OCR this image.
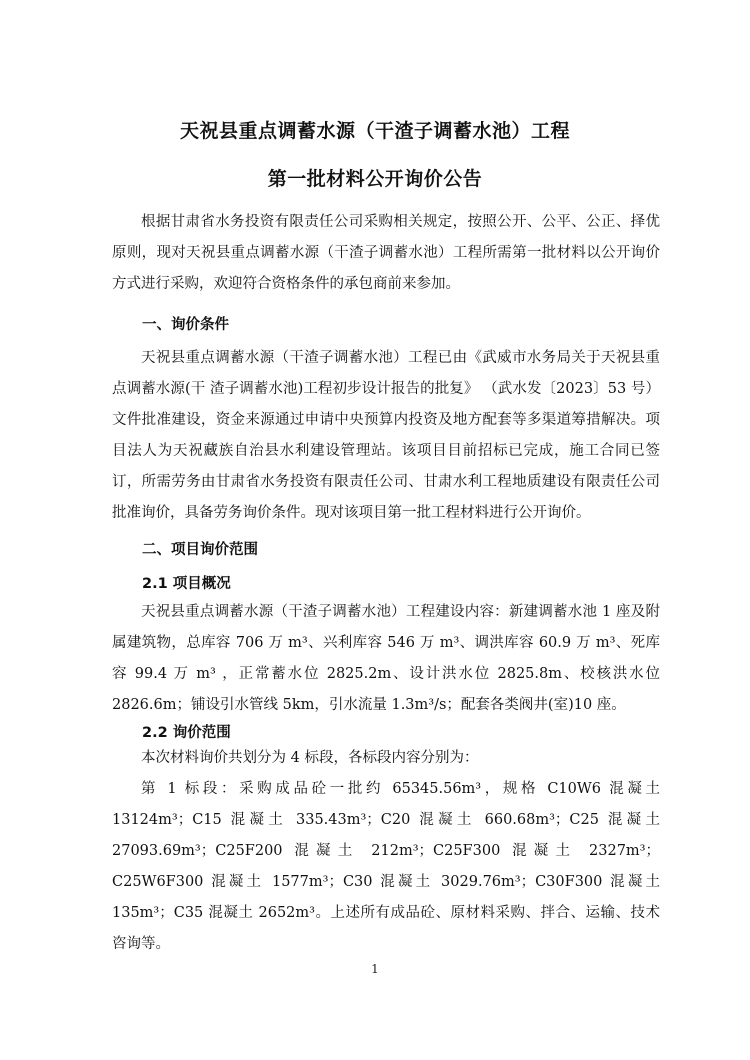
天祝县重点调蓄水源（干渣子调蓄水池）工程
第一批材料公开询价公告
根据甘肃省水务投资有限责任公司采购相关规定，按照公开、公平、公正、择优原则，现对天祝县重点调蓄水源（干渣子调蓄水池）工程所需第一批材料以公开询价方式进行采购，欢迎符合资格条件的承包商前来参加。
一、询价条件
天祝县重点调蓄水源（干渣子调蓄水池）工程已由《武威市水务局关于天祝县重点调蓄水源(干 渣子调蓄水池)工程初步设计报告的批复》 （武水发〔2023〕53 号）文件批准建设，资金来源通过申请中央预算内投资及地方配套等多渠道筹措解决。项目法人为天祝藏族自治县水利建设管理站。该项目目前招标已完成，施工合同已签订，所需劳务由甘肃省水务投资有限责任公司、甘肃水利工程地质建设有限责任公司批准询价，具备劳务询价条件。现对该项目第一批工程材料进行公开询价。
二、项目询价范围
2.1 项目概况
天祝县重点调蓄水源（干渣子调蓄水池）工程建设内容：新建调蓄水池 1 座及附属建筑物，总库容 706 万 m³、兴利库容 546 万 m³、调洪库容 60.9 万 m³、死库容 99.4 万 m³ ，正常蓄水位 2825.2m、设计洪水位 2825.8m、校核洪水位 2826.6m；铺设引水管线 5km，引水流量 1.3m³/s；配套各类阀井(室)10 座。
2.2 询价范围
本次材料询价共划分为 4 标段，各标段内容分别为：
第 1 标段：采购成品砼一批约 65345.56m³，规格 C10W6 混凝土 13124m³；C15 混凝土 335.43m³；C20 混凝土 660.68m³；C25 混凝土 27093.69m³；C25F200 混凝土 212m³；C25F300 混凝土 2327m³；C25W6F300 混凝土 1577m³；C30 混凝土 3029.76m³；C30F300 混凝土 135m³；C35 混凝土 2652m³。上述所有成品砼、原材料采购、拌合、运输、技术咨询等。
1
